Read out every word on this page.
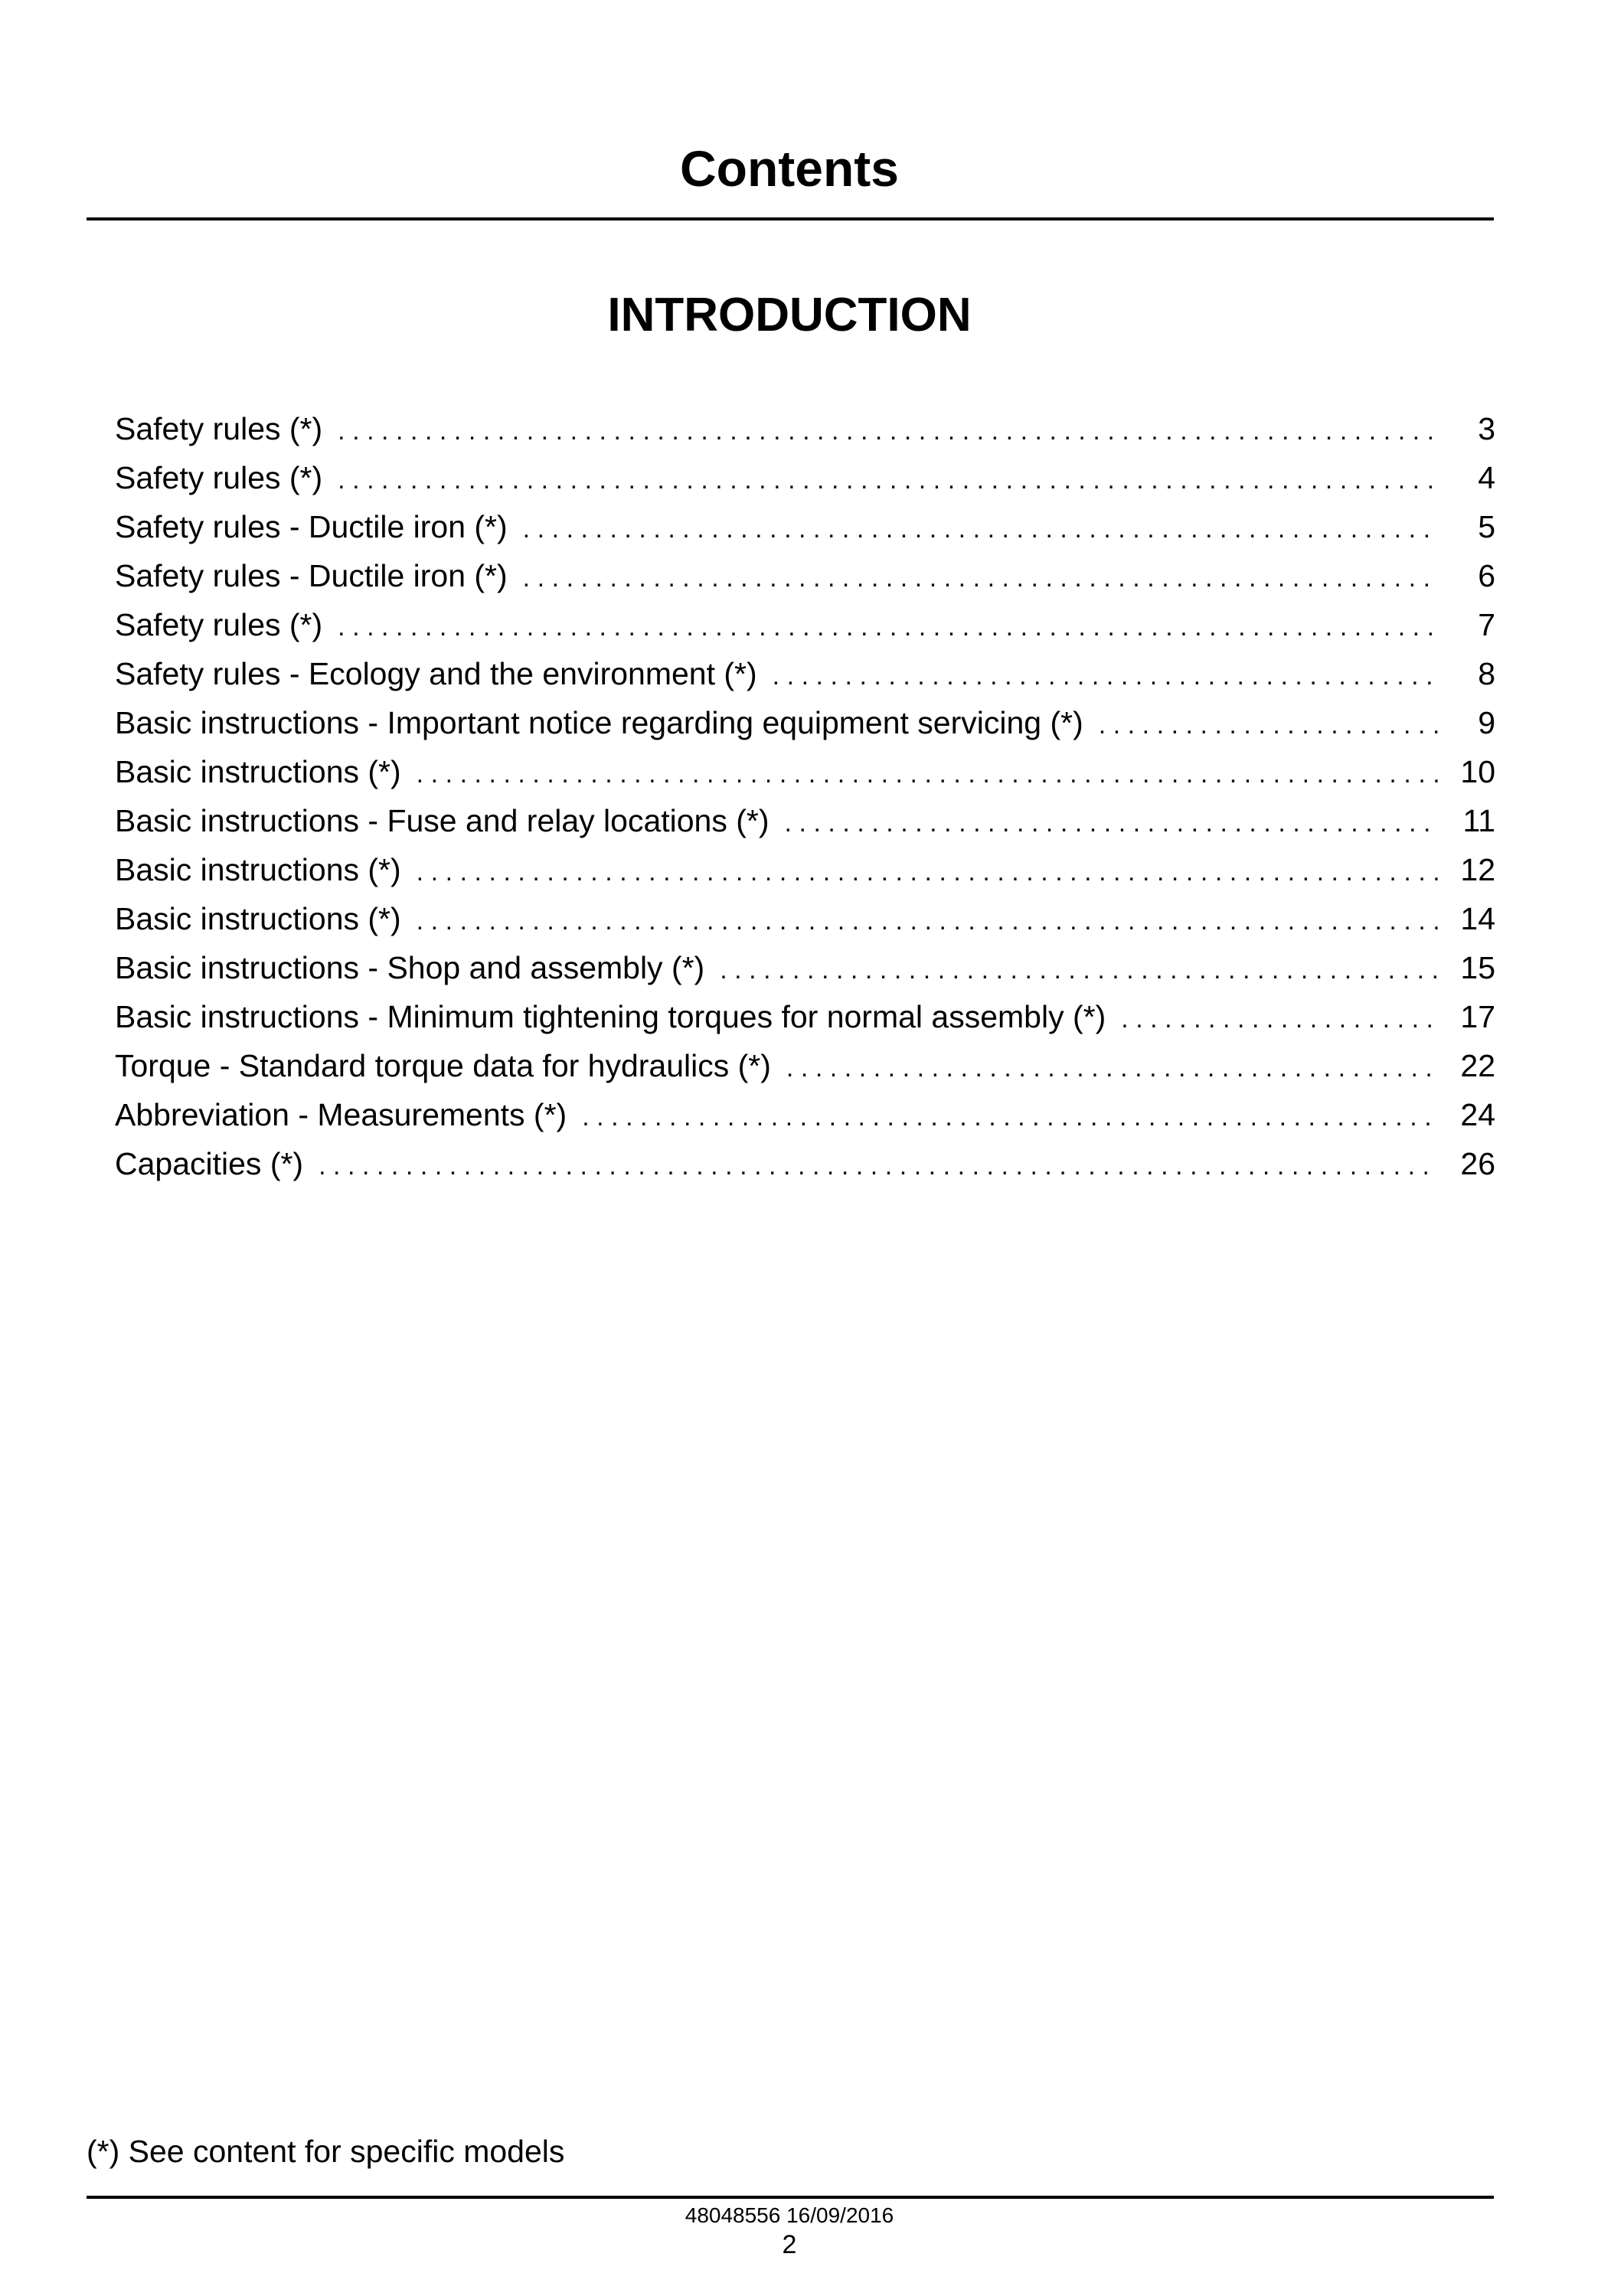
Contents
INTRODUCTION
Safety rules (*) .....	3
Safety rules (*) .....	4
Safety rules - Ductile iron (*) .....	5
Safety rules - Ductile iron (*) .....	6
Safety rules (*) .....	7
Safety rules - Ecology and the environment (*) .....	8
Basic instructions - Important notice regarding equipment servicing (*) .....	9
Basic instructions (*) .....	10
Basic instructions - Fuse and relay locations (*) .....	11
Basic instructions (*) .....	12
Basic instructions (*) .....	14
Basic instructions - Shop and assembly (*) .....	15
Basic instructions - Minimum tightening torques for normal assembly (*) .....	17
Torque - Standard torque data for hydraulics (*) .....	22
Abbreviation - Measurements (*) .....	24
Capacities (*) .....	26
(*) See content for specific models
48048556 16/09/2016
2
